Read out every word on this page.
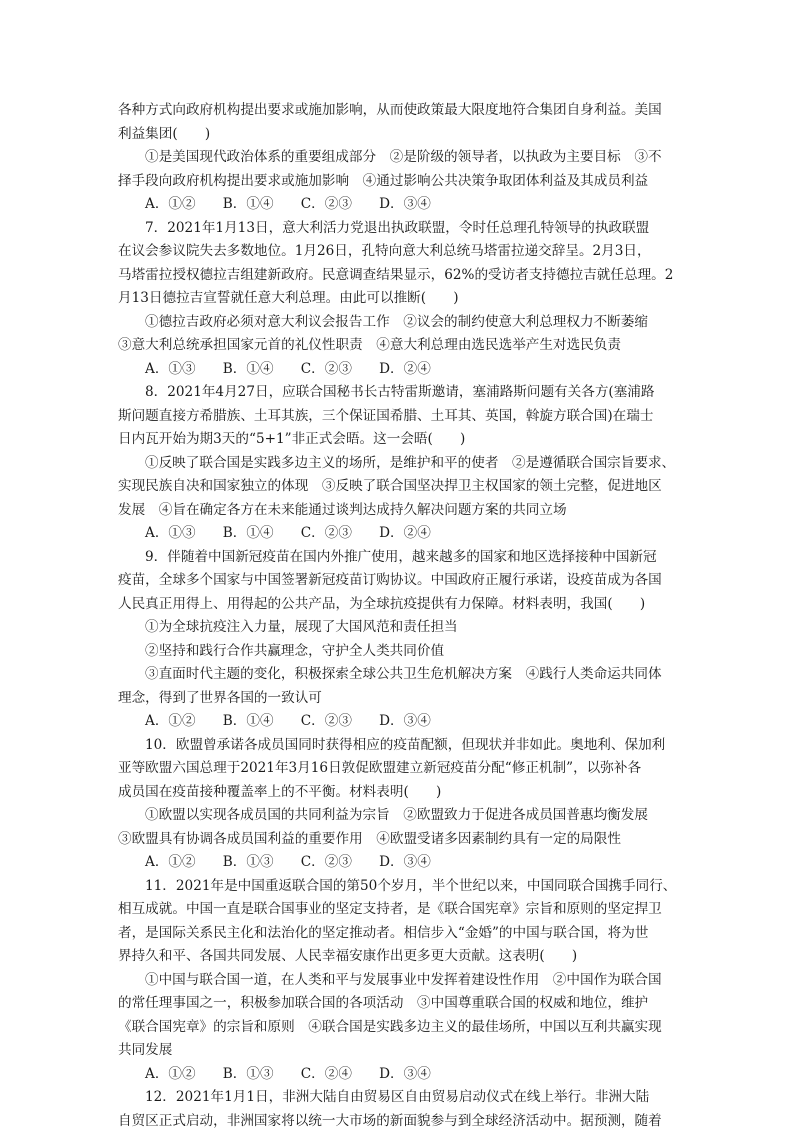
各种方式向政府机构提出要求或施加影响，从而使政策最大限度地符合集团自身利益。美国
利益集团(　　)
①是美国现代政治体系的重要组成部分　②是阶级的领导者，以执政为主要目标　③不
择手段向政府机构提出要求或施加影响　④通过影响公共决策争取团体利益及其成员利益
A．①②　　B．①④　　C．②③　　D．③④
7．2021年1月13日，意大利活力党退出执政联盟，令时任总理孔特领导的执政联盟
在议会参议院失去多数地位。1月26日，孔特向意大利总统马塔雷拉递交辞呈。2月3日，
马塔雷拉授权德拉吉组建新政府。民意调查结果显示，62%的受访者支持德拉吉就任总理。2
月13日德拉吉宣誓就任意大利总理。由此可以推断(　　)
①德拉吉政府必须对意大利议会报告工作　②议会的制约使意大利总理权力不断萎缩
③意大利总统承担国家元首的礼仪性职责　④意大利总理由选民选举产生对选民负责
A．①③　　B．①④　　C．②③　　D．②④
8．2021年4月27日，应联合国秘书长古特雷斯邀请，塞浦路斯问题有关各方(塞浦路
斯问题直接方希腊族、土耳其族，三个保证国希腊、土耳其、英国，斡旋方联合国)在瑞士
日内瓦开始为期3天的“5+1”非正式会晤。这一会晤(　　)
①反映了联合国是实践多边主义的场所，是维护和平的使者　②是遵循联合国宗旨要求、
实现民族自决和国家独立的体现　③反映了联合国坚决捍卫主权国家的领土完整，促进地区
发展　④旨在确定各方在未来能通过谈判达成持久解决问题方案的共同立场
A．①③　　B．①④　　C．②③　　D．②④
9．伴随着中国新冠疫苗在国内外推广使用，越来越多的国家和地区选择接种中国新冠
疫苗，全球多个国家与中国签署新冠疫苗订购协议。中国政府正履行承诺，设疫苗成为各国
人民真正用得上、用得起的公共产品，为全球抗疫提供有力保障。材料表明，我国(　　)
①为全球抗疫注入力量，展现了大国风范和责任担当
②坚持和践行合作共赢理念，守护全人类共同价值
③直面时代主题的变化，积极探索全球公共卫生危机解决方案　④践行人类命运共同体
理念，得到了世界各国的一致认可
A．①②　　B．①④　　C．②③　　D．③④
10．欧盟曾承诺各成员国同时获得相应的疫苗配额，但现状并非如此。奥地利、保加利
亚等欧盟六国总理于2021年3月16日敦促欧盟建立新冠疫苗分配“修正机制”，以弥补各
成员国在疫苗接种覆盖率上的不平衡。材料表明(　　)
①欧盟以实现各成员国的共同利益为宗旨　②欧盟致力于促进各成员国普惠均衡发展
③欧盟具有协调各成员国利益的重要作用　④欧盟受诸多因素制约具有一定的局限性
A．①②　　B．①③　　C．②③　　D．③④
11．2021年是中国重返联合国的第50个岁月，半个世纪以来，中国同联合国携手同行、
相互成就。中国一直是联合国事业的坚定支持者，是《联合国宪章》宗旨和原则的坚定捍卫
者，是国际关系民主化和法治化的坚定推动者。相信步入“金婚”的中国与联合国，将为世
界持久和平、各国共同发展、人民幸福安康作出更多更大贡献。这表明(　　)
①中国与联合国一道，在人类和平与发展事业中发挥着建设性作用　②中国作为联合国
的常任理事国之一，积极参加联合国的各项活动　③中国尊重联合国的权威和地位，维护
《联合国宪章》的宗旨和原则　④联合国是实践多边主义的最佳场所，中国以互利共赢实现
共同发展
A．①②　　B．①③　　C．②④　　D．③④
12．2021年1月1日，非洲大陆自由贸易区自由贸易启动仪式在线上举行。非洲大陆
自贸区正式启动，非洲国家将以统一大市场的新面貌参与到全球经济活动中。据预测，随着
